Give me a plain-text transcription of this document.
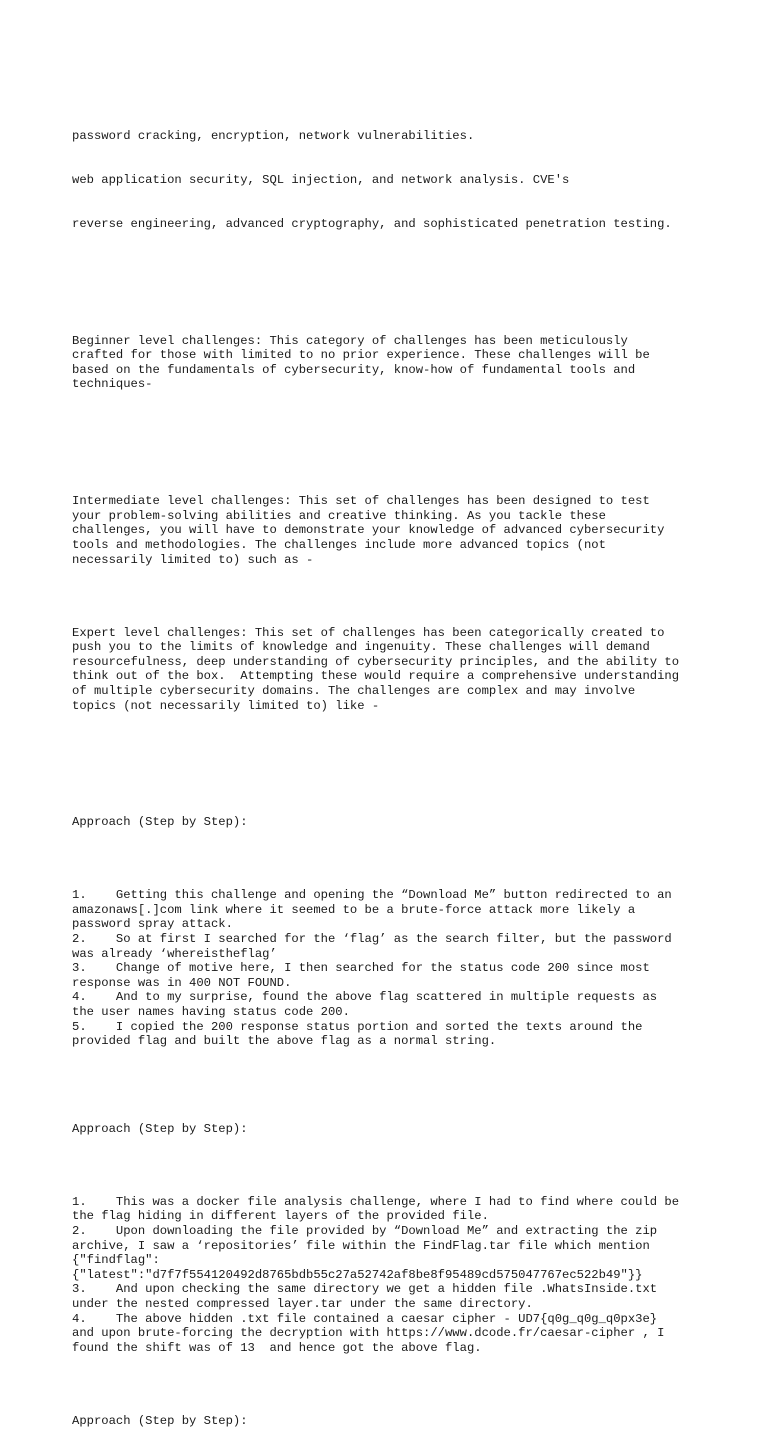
password cracking, encryption, network vulnerabilities.

web application security, SQL injection, and network analysis. CVE's

reverse engineering, advanced cryptography, and sophisticated penetration testing.

Beginner level challenges: This category of challenges has been meticulously
crafted for those with limited to no prior experience. These challenges will be
based on the fundamentals of cybersecurity, know-how of fundamental tools and
techniques-

Intermediate level challenges: This set of challenges has been designed to test
your problem-solving abilities and creative thinking. As you tackle these
challenges, you will have to demonstrate your knowledge of advanced cybersecurity
tools and methodologies. The challenges include more advanced topics (not
necessarily limited to) such as -

Expert level challenges: This set of challenges has been categorically created to
push you to the limits of knowledge and ingenuity. These challenges will demand
resourcefulness, deep understanding of cybersecurity principles, and the ability to
think out of the box.  Attempting these would require a comprehensive understanding
of multiple cybersecurity domains. The challenges are complex and may involve
topics (not necessarily limited to) like -

Approach (Step by Step):

1.    Getting this challenge and opening the “Download Me” button redirected to an
amazonaws[.]com link where it seemed to be a brute-force attack more likely a
password spray attack.
2.    So at first I searched for the ‘flag’ as the search filter, but the password
was already ‘whereistheflag’
3.    Change of motive here, I then searched for the status code 200 since most
response was in 400 NOT FOUND.
4.    And to my surprise, found the above flag scattered in multiple requests as
the user names having status code 200.
5.    I copied the 200 response status portion and sorted the texts around the
provided flag and built the above flag as a normal string.

Approach (Step by Step):

1.    This was a docker file analysis challenge, where I had to find where could be
the flag hiding in different layers of the provided file.
2.    Upon downloading the file provided by “Download Me” and extracting the zip
archive, I saw a ‘repositories’ file within the FindFlag.tar file which mention
{"findflag":
{"latest":"d7f7f554120492d8765bdb55c27a52742af8be8f95489cd575047767ec522b49"}}
3.    And upon checking the same directory we get a hidden file .WhatsInside.txt
under the nested compressed layer.tar under the same directory.
4.    The above hidden .txt file contained a caesar cipher - UD7{q0g_q0g_q0px3e}
and upon brute-forcing the decryption with https://www.dcode.fr/caesar-cipher , I
found the shift was of 13  and hence got the above flag.

Approach (Step by Step):
